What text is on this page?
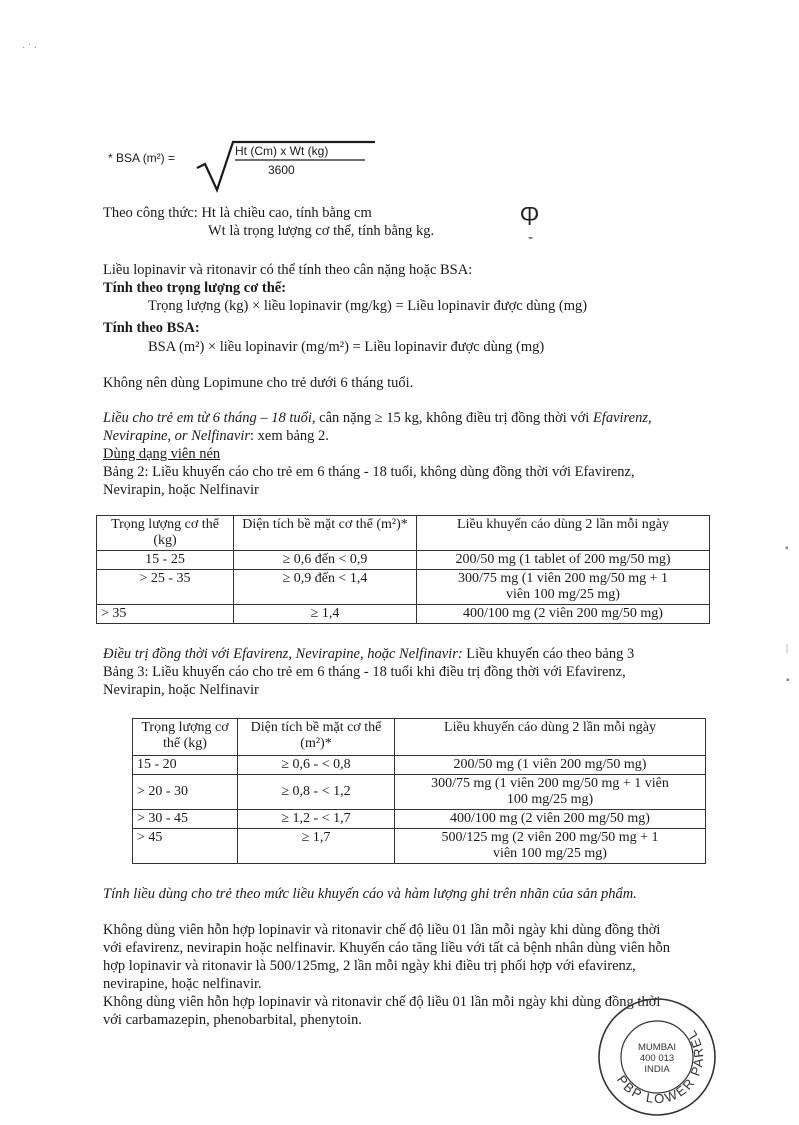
· ˙ ·
▪
|
▪
* BSA (m²) =	Ht (Cm) x Wt (kg)
3600
Theo công thức: Ht là chiều cao, tính bằng cm
Wt là trọng lượng cơ thể, tính bằng kg.	Ⴔ
-
Liều lopinavir và ritonavir có thể tính theo cân nặng hoặc BSA:
Tính theo trọng lượng cơ thể:
Trọng lượng (kg) × liều lopinavir (mg/kg) = Liều lopinavir được dùng (mg)
Tính theo BSA:
BSA (m²) × liều lopinavir (mg/m²) = Liều lopinavir được dùng (mg)
Không nên dùng Lopimune cho trẻ dưới 6 tháng tuổi.
Liều cho trẻ em từ 6 tháng – 18 tuổi, cân nặng ≥ 15 kg, không điều trị đồng thời với Efavirenz,
Nevirapine, or Nelfinavir: xem bảng 2.
Dùng dạng viên nén
Bảng 2: Liều khuyến cáo cho trẻ em 6 tháng - 18 tuổi, không dùng đồng thời với Efavirenz,
Nevirapin, hoặc Nelfinavir
Trọng lượng cơ thể (kg)	Diện tích bề mặt cơ thể (m²)*	Liều khuyến cáo dùng 2 lần mỗi ngày
15 - 25	≥ 0,6 đến < 0,9	200/50 mg (1 tablet of 200 mg/50 mg)
> 25 - 35	≥ 0,9 đến < 1,4	300/75 mg (1 viên 200 mg/50 mg + 1 viên 100 mg/25 mg)
> 35	≥ 1,4	400/100 mg (2 viên 200 mg/50 mg)
Điều trị đồng thời với Efavirenz, Nevirapine, hoặc Nelfinavir: Liều khuyến cáo theo bảng 3
Bảng 3: Liều khuyến cáo cho trẻ em 6 tháng - 18 tuổi khi điều trị đồng thời với Efavirenz,
Nevirapin, hoặc Nelfinavir
Trọng lượng cơ thể (kg)	Diện tích bề mặt cơ thể (m²)*	Liều khuyến cáo dùng 2 lần mỗi ngày
15 - 20	≥ 0,6 - < 0,8	200/50 mg (1 viên 200 mg/50 mg)
> 20 - 30	≥ 0,8 - < 1,2	300/75 mg (1 viên 200 mg/50 mg + 1 viên 100 mg/25 mg)
> 30 - 45	≥ 1,2 - < 1,7	400/100 mg (2 viên 200 mg/50 mg)
> 45	≥ 1,7	500/125 mg (2 viên 200 mg/50 mg + 1 viên 100 mg/25 mg)
Tính liều dùng cho trẻ theo mức liều khuyến cáo và hàm lượng ghi trên nhãn của sản phẩm.
Không dùng viên hỗn hợp lopinavir và ritonavir chế độ liều 01 lần mỗi ngày khi dùng đồng thời
với efavirenz, nevirapin hoặc nelfinavir. Khuyến cáo tăng liều với tất cả bệnh nhân dùng viên hỗn
hợp lopinavir và ritonavir là 500/125mg, 2 lần mỗi ngày khi điều trị phối hợp với efavirenz,
nevirapine, hoặc nelfinavir.
Không dùng viên hỗn hợp lopinavir và ritonavir chế độ liều 01 lần mỗi ngày khi dùng đồng thời
với carbamazepin, phenobarbital, phenytoin.
PBP LOWER PAREL
MUMBAI
400 013
INDIA
